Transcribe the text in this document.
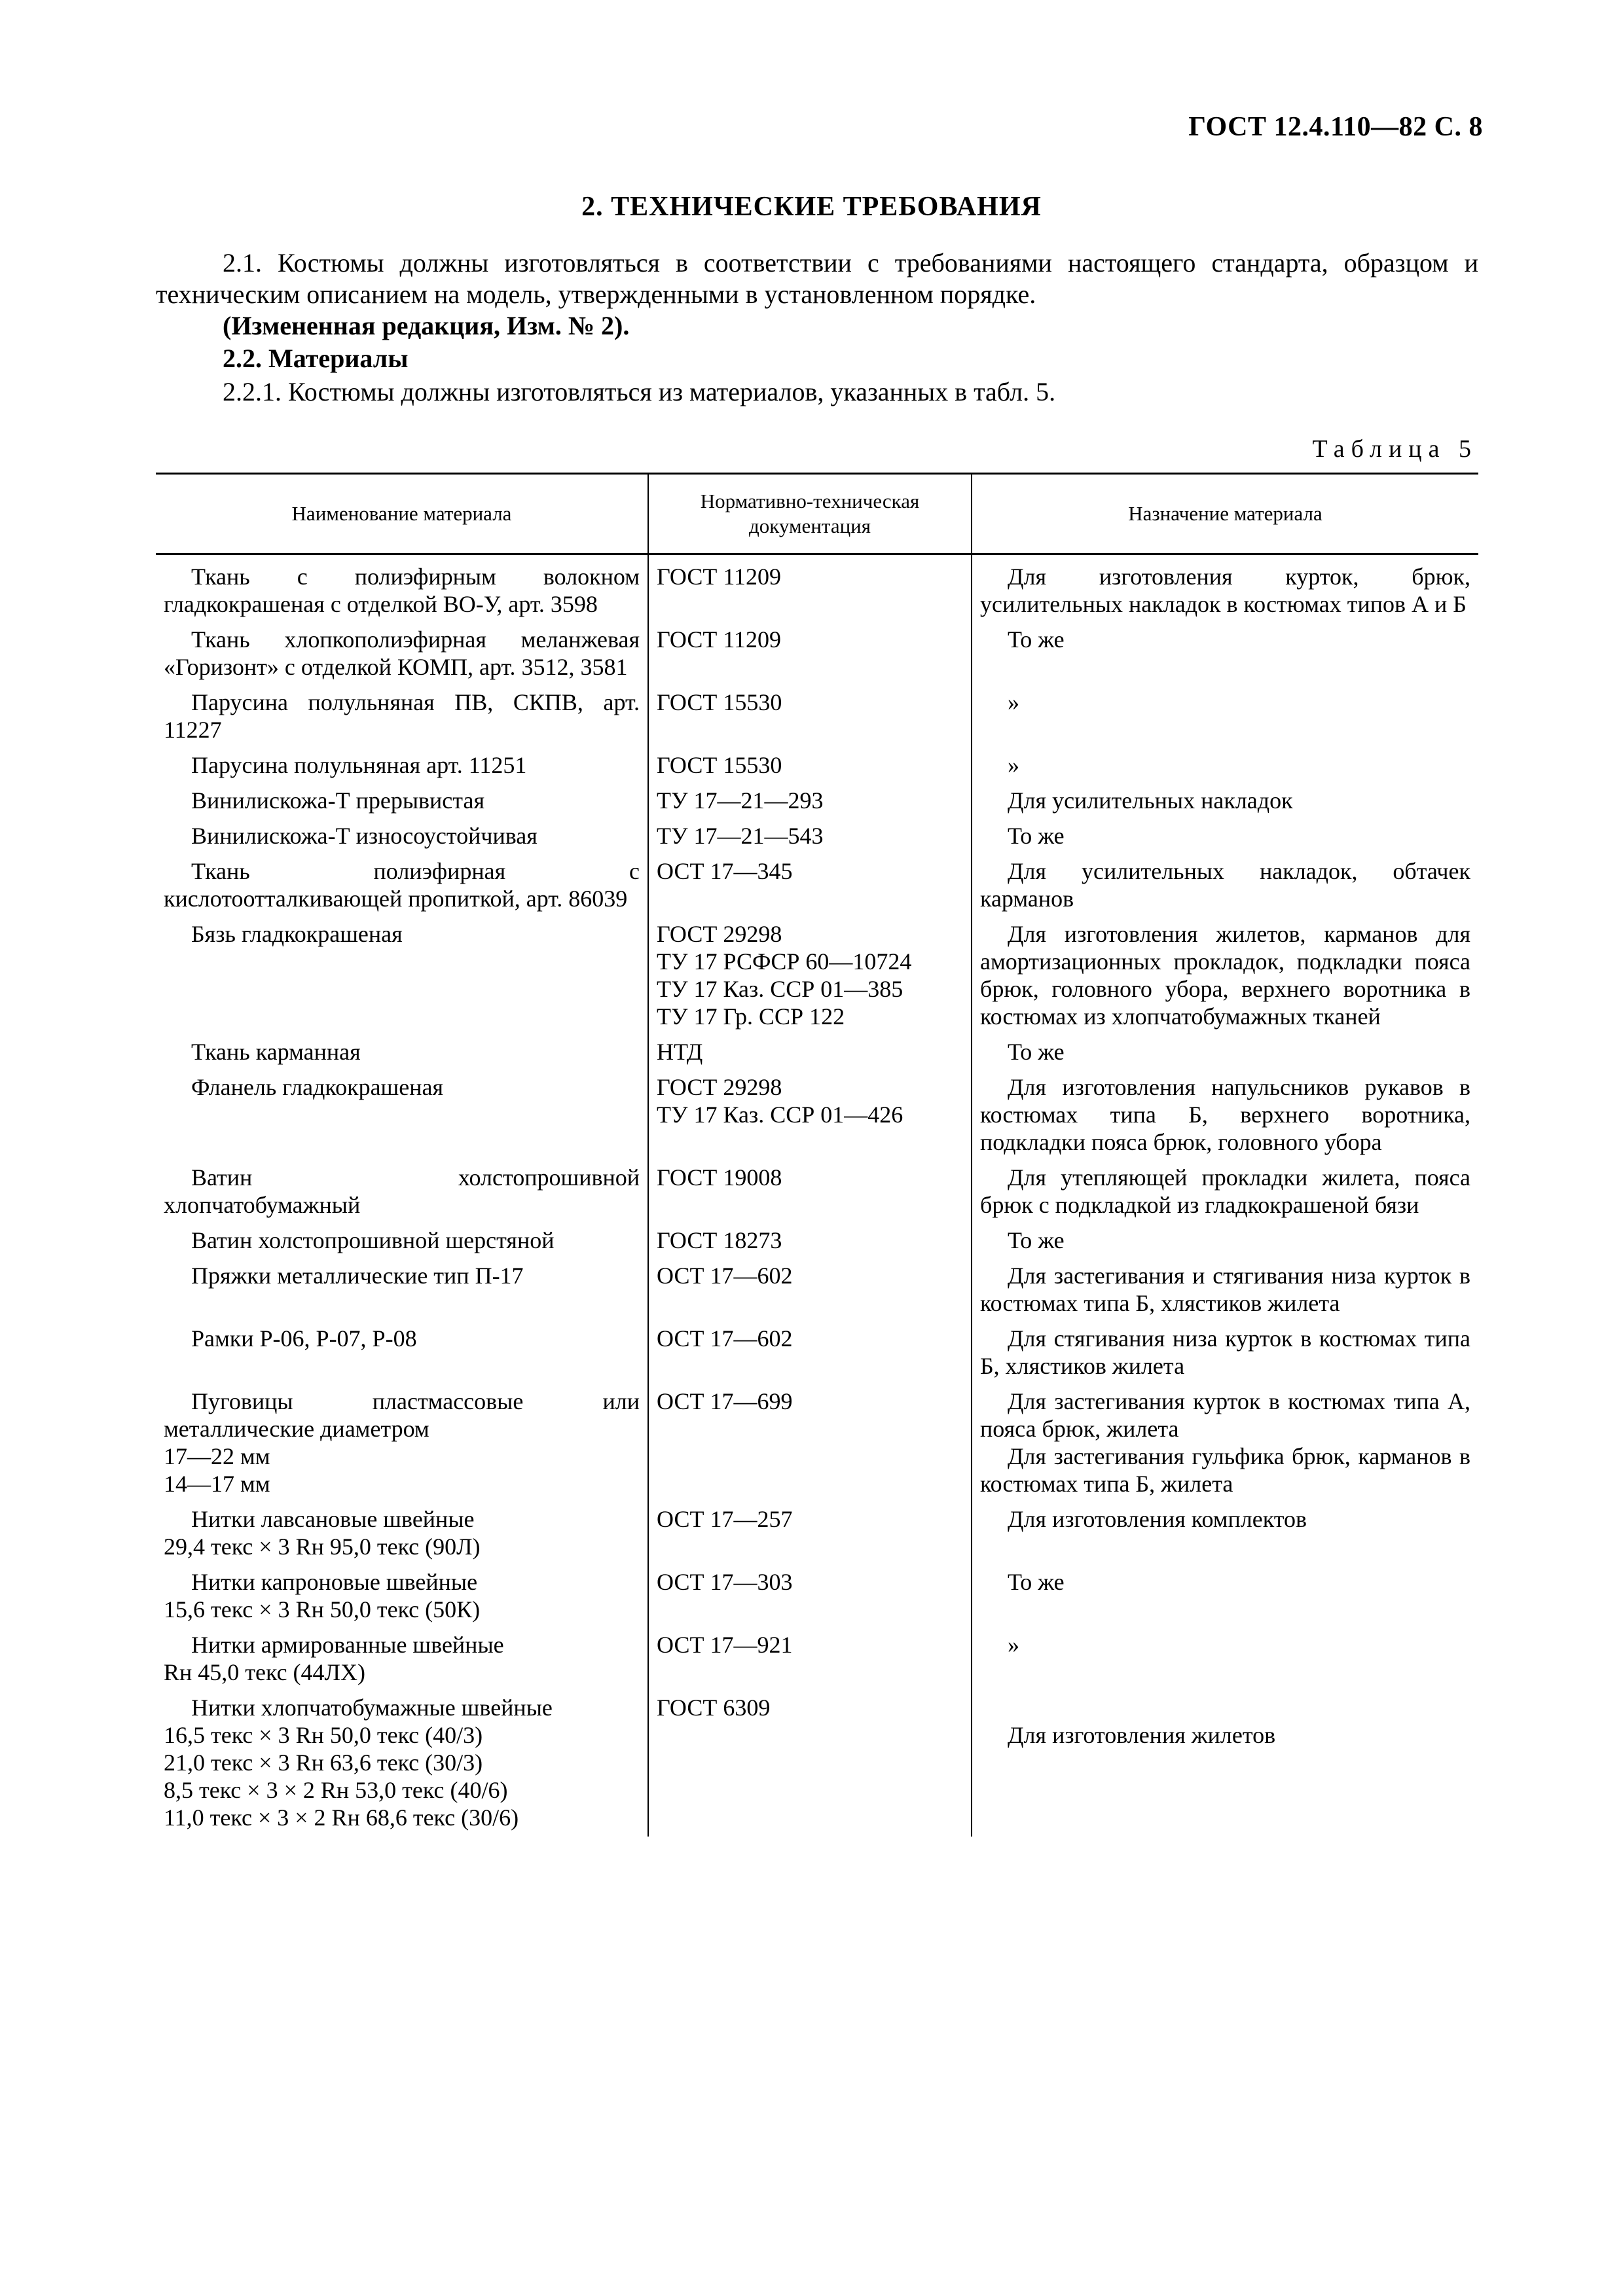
ГОСТ 12.4.110—82 С. 8
2. ТЕХНИЧЕСКИЕ ТРЕБОВАНИЯ
2.1. Костюмы должны изготовляться в соответствии с требованиями настоящего стандарта, образцом и техническим описанием на модель, утвержденными в установленном порядке.
(Измененная редакция, Изм. № 2).
2.2. Материалы
2.2.1. Костюмы должны изготовляться из материалов, указанных в табл. 5.
Таблица 5
Наименование материала	Нормативно-техническая документация	Назначение материала

Ткань с полиэфирным волокном гладкокрашеная с отделкой ВО-У, арт. 3598	ГОСТ 11209	Для изготовления курток, брюк, усилительных накладок в костюмах типов А и Б

Ткань хлопкополиэфирная меланжевая «Горизонт» с отделкой КОМП, арт. 3512, 3581	ГОСТ 11209	То же

Парусина полульняная ПВ, СКПВ, арт. 11227	ГОСТ 15530	»

Парусина полульняная арт. 11251	ГОСТ 15530	»

Винилискожа-Т прерывистая	ТУ 17—21—293	Для усилительных накладок

Винилискожа-Т износоустойчивая	ТУ 17—21—543	То же

Ткань полиэфирная с кислотоотталкивающей пропиткой, арт. 86039	ОСТ 17—345	Для усилительных накладок, обтачек карманов

Бязь гладкокрашеная	ГОСТ 29298
ТУ 17 РСФСР 60—10724
ТУ 17 Каз. ССР 01—385
ТУ 17 Гр. ССР 122	Для изготовления жилетов, карманов для амортизационных прокладок, подкладки пояса брюк, головного убора, верхнего воротника в костюмах из хлопчатобумажных тканей

Ткань карманная	НТД	То же

Фланель гладкокрашеная	ГОСТ 29298
ТУ 17 Каз. ССР 01—426	Для изготовления напульсников рукавов в костюмах типа Б, верхнего воротника, подкладки пояса брюк, головного убора

Ватин холстопрошивной хлопчатобумажный	ГОСТ 19008	Для утепляющей прокладки жилета, пояса брюк с подкладкой из гладкокрашеной бязи

Ватин холстопрошивной шерстяной	ГОСТ 18273	То же

Пряжки металлические тип П-17	ОСТ 17—602	Для застегивания и стягивания низа курток в костюмах типа Б, хлястиков жилета

Рамки Р-06, Р-07, Р-08	ОСТ 17—602	Для стягивания низа курток в костюмах типа Б, хлястиков жилета

Пуговицы пластмассовые или металлические диаметром
17—22 мм
14—17 мм	ОСТ 17—699	Для застегивания курток в костюмах типа А, пояса брюк, жилета
Для застегивания гульфика брюк, карманов в костюмах типа Б, жилета

Нитки лавсановые швейные
29,4 текс × 3 Rн 95,0 текс (90Л)	ОСТ 17—257	Для изготовления комплектов

Нитки капроновые швейные
15,6 текс × 3 Rн 50,0 текс (50К)	ОСТ 17—303	То же

Нитки армированные швейные
Rн 45,0 текс (44ЛХ)	ОСТ 17—921	»

Нитки хлопчатобумажные швейные
16,5 текс × 3 Rн 50,0 текс (40/3)
21,0 текс × 3 Rн 63,6 текс (30/3)
8,5 текс × 3 × 2 Rн 53,0 текс (40/6)
11,0 текс × 3 × 2 Rн 68,6 текс (30/6)	ГОСТ 6309	Для изготовления жилетов
